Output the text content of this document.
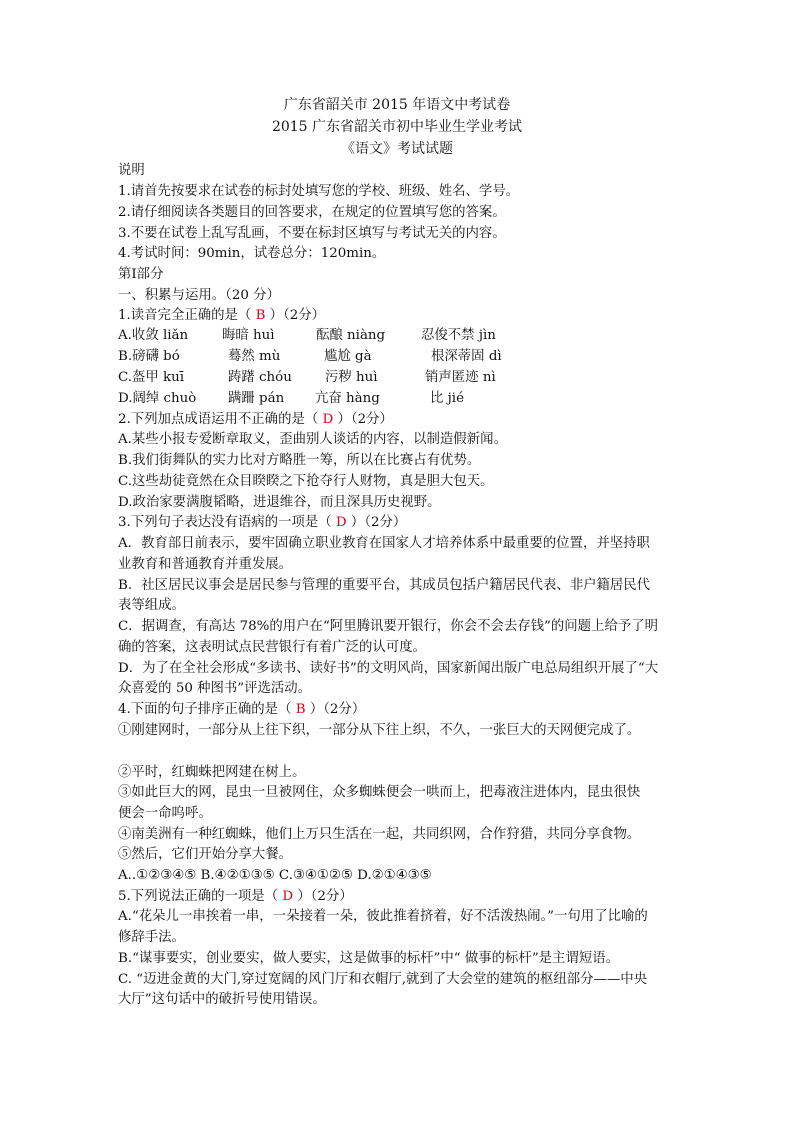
广东省韶关市 2015 年语文中考试卷
2015 广东省韶关市初中毕业生学业考试
《语文》考试试题
说明
1.请首先按要求在试卷的标封处填写您的学校、班级、姓名、学号。
2.请仔细阅读各类题目的回答要求，在规定的位置填写您的答案。
3.不要在试卷上乱写乱画，不要在标封区填写与考试无关的内容。
4.考试时间：90min，试卷总分：120min。
第Ⅰ部分
一、积累与运用。（20 分）
1.读音完全正确的是（ B ）（2分）
A.收敛 liǎn	晦暗 huì	酝酿 niàng	忍俊不禁 jìn
B.磅礴 bó	蓦然 mù	尴尬 gà	根深蒂固 dì
C.盔甲 kuī	踌躇 chóu 污秽 huì	销声匿迹 nì
D.阔绰 chuò 蹒跚 pán 亢奋 hàng	比 jié
2.下列加点成语运用不正确的是（ D ）（2分）
A.某些小报专爱断章取义，歪曲别人谈话的内容，以制造假新闻。
B.我们街舞队的实力比对方略胜一筹，所以在比赛占有优势。
C.这些劫徒竟然在众目睽睽之下抢夺行人财物，真是胆大包天。
D.政治家要满腹韬略，进退维谷，而且深具历史视野。
3.下列句子表达没有语病的一项是（ D ）（2分）
A．教育部日前表示，要牢固确立职业教育在国家人才培养体系中最重要的位置，并坚持职
业教育和普通教育并重发展。
B．社区居民议事会是居民参与管理的重要平台，其成员包括户籍居民代表、非户籍居民代
表等组成。
C．据调查，有高达 78%的用户在“阿里腾讯要开银行，你会不会去存钱”的问题上给予了明
确的答案，这表明试点民营银行有着广泛的认可度。
D．为了在全社会形成“多读书、读好书”的文明风尚，国家新闻出版广电总局组织开展了“大
众喜爱的 50 种图书”评选活动。
4.下面的句子排序正确的是（ B ）（2分）
①刚建网时，一部分从上往下织，一部分从下往上织，不久，一张巨大的天网便完成了。
②平时，红蜘蛛把网建在树上。
③如此巨大的网，昆虫一旦被网住，众多蜘蛛便会一哄而上，把毒液注进体内，昆虫很快
便会一命呜呼。
④南美洲有一种红蜘蛛，他们上万只生活在一起，共同织网，合作狩猎，共同分享食物。
⑤然后，它们开始分享大餐。
A..①②③④⑤ B.④②①③⑤ C.③④①②⑤ D.②①④③⑤
5.下列说法正确的一项是（ D ）（2分）
A.“花朵儿一串挨着一串，一朵接着一朵，彼此推着挤着，好不活泼热闹。”一句用了比喻的
修辞手法。
B.“谋事要实，创业要实，做人要实，这是做事的标杆”中“ 做事的标杆”是主谓短语。
C. “迈进金黄的大门,穿过宽阔的风门厅和衣帽厅,就到了大会堂的建筑的枢纽部分——中央
大厅”这句话中的破折号使用错误。
